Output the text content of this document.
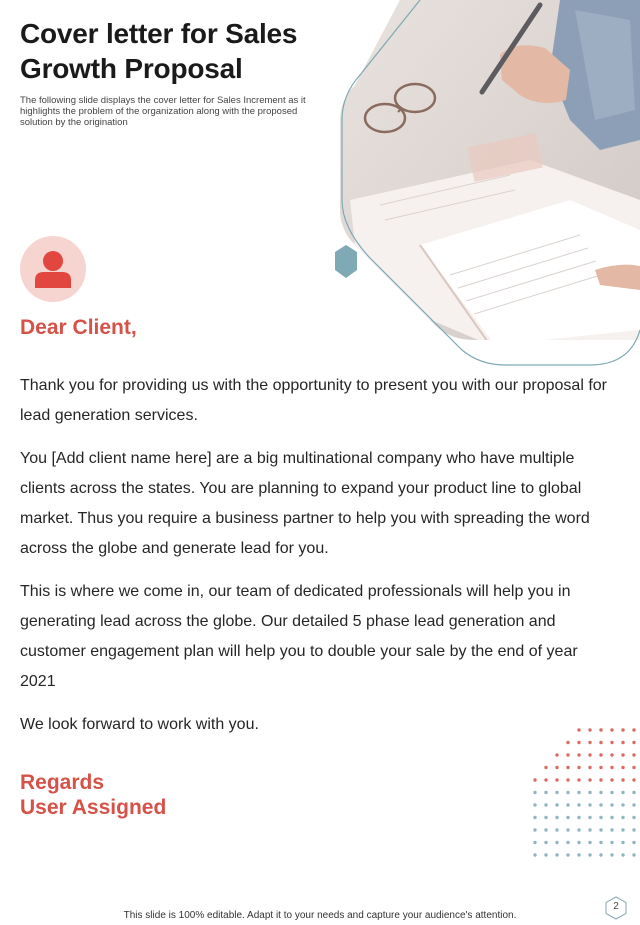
Cover letter for Sales Growth Proposal
The following slide displays the cover letter for Sales Increment as it highlights the problem of the organization along with the proposed solution by the origination
Dear Client,

Thank you for providing us with the opportunity to present you with our proposal for lead generation services.

You [Add client name here] are a big multinational company who have multiple clients across the states. You are planning to expand your product line to global market. Thus you require a business partner to help you with spreading the word across the globe and generate lead for you.

This is where we come in, our team of dedicated professionals will help you in generating lead across the globe. Our detailed 5 phase lead generation and customer engagement plan will help you to double your sale by the end of year 2021

We look forward to work with you.

Regards
User Assigned
This slide is 100% editable. Adapt it to your needs and capture your audience's attention.
2
